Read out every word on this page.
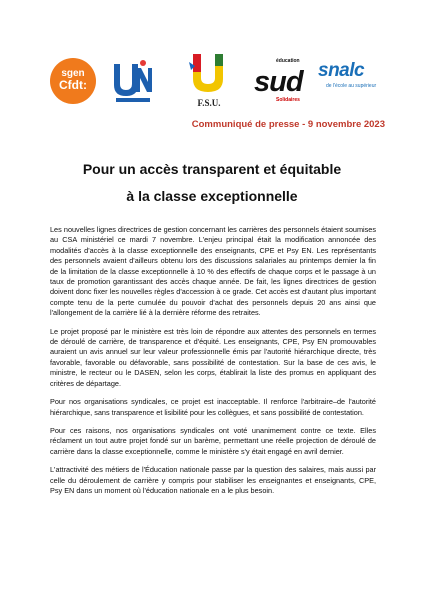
sgen
Cfdt:
F.S.U.
éducation
sud
Solidaires
snalc
de l'école au supérieur
Communiqué de presse - 9 novembre 2023
Pour un accès transparent et équitable
à la classe exceptionnelle

Les nouvelles lignes directrices de gestion concernant les carrières des personnels étaient soumises au CSA ministériel ce mardi 7 novembre. L'enjeu principal était la modification annoncée des modalités d'accès à la classe exceptionnelle des enseignants, CPE et Psy EN. Les représentants des personnels avaient d'ailleurs obtenu lors des discussions salariales au printemps dernier la fin de la limitation de la classe exceptionnelle à 10 % des effectifs de chaque corps et le passage à un taux de promotion garantissant des accès chaque année. De fait, les lignes directrices de gestion doivent donc fixer les nouvelles règles d'accession à ce grade. Cet accès est d'autant plus important compte tenu de la perte cumulée du pouvoir d'achat des personnels depuis 20 ans ainsi que l'allongement de la carrière lié à la dernière réforme des retraites.

Le projet proposé par le ministère est très loin de répondre aux attentes des personnels en termes de déroulé de carrière, de transparence et d'équité. Les enseignants, CPE, Psy EN promouvables auraient un avis annuel sur leur valeur professionnelle émis par l'autorité hiérarchique directe, très favorable, favorable ou défavorable, sans possibilité de contestation. Sur la base de ces avis, le ministre, le recteur ou le DASEN, selon les corps, établirait la liste des promus en appliquant des critères de départage.

Pour nos organisations syndicales, ce projet est inacceptable. Il renforce l'arbitraire–de l'autorité hiérarchique, sans transparence et lisibilité pour les collègues, et sans possibilité de contestation.

Pour ces raisons, nos organisations syndicales ont voté unanimement contre ce texte. Elles réclament un tout autre projet fondé sur un barème, permettant une réelle projection de déroulé de carrière dans la classe exceptionnelle, comme le ministère s'y était engagé en avril dernier.

L'attractivité des métiers de l'Éducation nationale passe par la question des salaires, mais aussi par celle du déroulement de carrière y compris pour stabiliser les enseignantes et enseignants, CPE, Psy EN dans un moment où l'éducation nationale en a le plus besoin.
